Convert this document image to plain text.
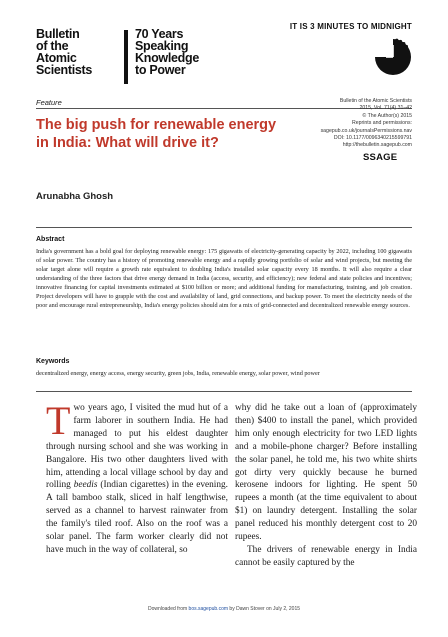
Bulletin
of the
Atomic
Scientists
70 Years
Speaking
Knowledge
to Power
IT IS 3 MINUTES TO MIDNIGHT
Feature
The big push for renewable energy in India: What will drive it?
Arunabha Ghosh
Bulletin of the Atomic Scientists
2015, Vol. 71(4) 31–42
© The Author(s) 2015
Reprints and permissions:
sagepub.co.uk/journalsPermissions.nav
DOI: 10.1177/0096340215599791
http://thebulletin.sagepub.com
SSAGE
Abstract
India's government has a bold goal for deploying renewable energy: 175 gigawatts of electricity-generating capacity by 2022, including 100 gigawatts of solar power. The country has a history of promoting renewable energy and a rapidly growing portfolio of solar and wind projects, but meeting the solar target alone will require a growth rate equivalent to doubling India's installed solar capacity every 18 months. It will also require a clear understanding of the three factors that drive energy demand in India (access, security, and efficiency); new federal and state policies and incentives; innovative financing for capital investments estimated at $100 billion or more; and additional funding for manufacturing, training, and job creation. Project developers will have to grapple with the cost and availability of land, grid connections, and backup power. To meet the electricity needs of the poor and encourage rural entrepreneurship, India's energy policies should aim for a mix of grid-connected and decentralized renewable energy sources.
Keywords
decentralized energy, energy access, energy security, green jobs, India, renewable energy, solar power, wind power

Two years ago, I visited the mud hut of a farm laborer in southern India. He had managed to put his eldest daughter through nursing school and she was working in Bangalore. His two other daughters lived with him, attending a local village school by day and rolling beedis (Indian cigarettes) in the evening. A tall bamboo stalk, sliced in half lengthwise, served as a channel to harvest rainwater from the family's tiled roof. Also on the roof was a solar panel. The farm worker clearly did not have much in the way of collateral, so

why did he take out a loan of (approximately then) $400 to install the panel, which provided him only enough electricity for two LED lights and a mobile-phone charger? Before installing the solar panel, he told me, his two white shirts got dirty very quickly because he burned kerosene indoors for lighting. He spent 50 rupees a month (at the time equivalent to about $1) on laundry detergent. Installing the solar panel reduced his monthly detergent cost to 20 rupees.

The drivers of renewable energy in India cannot be easily captured by the

Downloaded from bos.sagepub.com by Dawn Stover on July 2, 2015
